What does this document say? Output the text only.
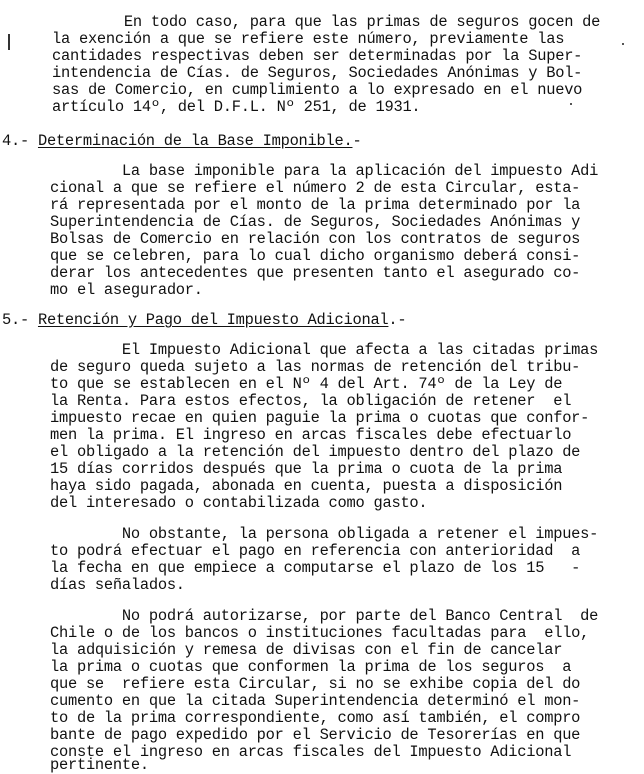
En todo caso, para que las primas de seguros gocen de
la exención a que se refiere este número, previamente las
cantidades respectivas deben ser determinadas por la Super-
intendencia de Cías. de Seguros, Sociedades Anónimas y Bol-
sas de Comercio, en cumplimiento a lo expresado en el nuevo
artículo 14º, del D.F.L. Nº 251, de 1931.
4.- Determinación de la Base Imponible.-
La base imponible para la aplicación del impuesto Adi
cional a que se refiere el número 2 de esta Circular, esta-
rá representada por el monto de la prima determinado por la
Superintendencia de Cías. de Seguros, Sociedades Anónimas y
Bolsas de Comercio en relación con los contratos de seguros
que se celebren, para lo cual dicho organismo deberá consi-
derar los antecedentes que presenten tanto el asegurado co-
mo el asegurador.
5.- Retención y Pago del Impuesto Adicional.-
El Impuesto Adicional que afecta a las citadas primas
de seguro queda sujeto a las normas de retención del tribu-
to que se establecen en el Nº 4 del Art. 74º de la Ley de
la Renta. Para estos efectos, la obligación de retener  el
impuesto recae en quien paguie la prima o cuotas que confor-
men la prima. El ingreso en arcas fiscales debe efectuarlo
el obligado a la retención del impuesto dentro del plazo de
15 días corridos después que la prima o cuota de la prima
haya sido pagada, abonada en cuenta, puesta a disposición
del interesado o contabilizada como gasto.
No obstante, la persona obligada a retener el impues-
to podrá efectuar el pago en referencia con anterioridad  a
la fecha en que empiece a computarse el plazo de los 15   -
días señalados.
No podrá autorizarse, por parte del Banco Central  de
Chile o de los bancos o instituciones facultadas para  ello,
la adquisición y remesa de divisas con el fin de cancelar
la prima o cuotas que conformen la prima de los seguros  a
que se  refiere esta Circular, si no se exhibe copia del do
cumento en que la citada Superintendencia determinó el mon-
to de la prima correspondiente, como así también, el compro
bante de pago expedido por el Servicio de Tesorerías en que
conste el ingreso en arcas fiscales del Impuesto Adicional
pertinente.
